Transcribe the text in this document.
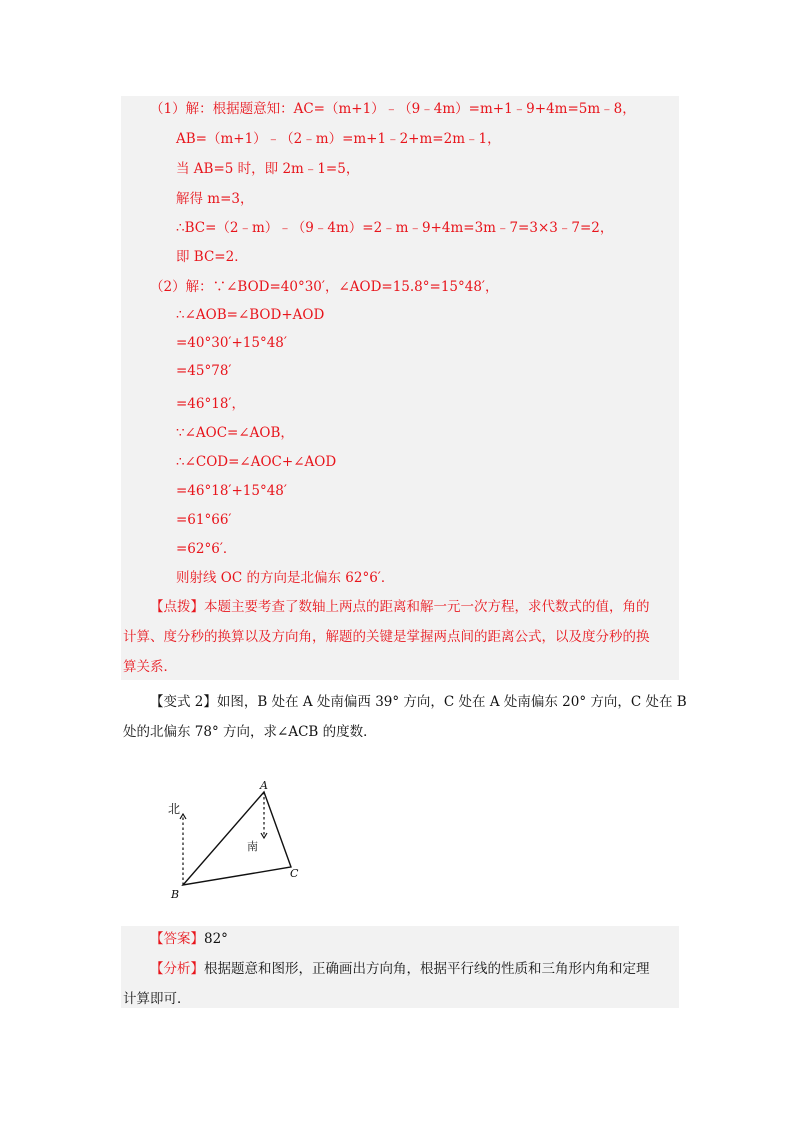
（1）解：根据题意知：AC=（m+1）﹣（9﹣4m）=m+1﹣9+4m=5m﹣8，
AB=（m+1）﹣（2﹣m）=m+1﹣2+m=2m﹣1，
当 AB=5 时，即 2m﹣1=5，
解得 m=3，
∴BC=（2﹣m）﹣（9﹣4m）=2﹣m﹣9+4m=3m﹣7=3×3﹣7=2，
即 BC=2．
（2）解：∵∠BOD=40°30′，∠AOD=15.8°=15°48′，
∴∠AOB=∠BOD+AOD
=40°30′+15°48′
=45°78′
=46°18′，
∵∠AOC=∠AOB，
∴∠COD=∠AOC+∠AOD
=46°18′+15°48′
=61°66′
=62°6′．
则射线 OC 的方向是北偏东 62°6′．
【点拨】本题主要考查了数轴上两点的距离和解一元一次方程，求代数式的值，角的
计算、度分秒的换算以及方向角，解题的关键是掌握两点间的距离公式，以及度分秒的换
算关系．
【变式 2】如图，B 处在 A 处南偏西 39° 方向，C 处在 A 处南偏东 20° 方向，C 处在 B
处的北偏东 78° 方向，求∠ACB 的度数．
北
南
A
B
C
【答案】82°
【分析】根据题意和图形，正确画出方向角，根据平行线的性质和三角形内角和定理
计算即可．
